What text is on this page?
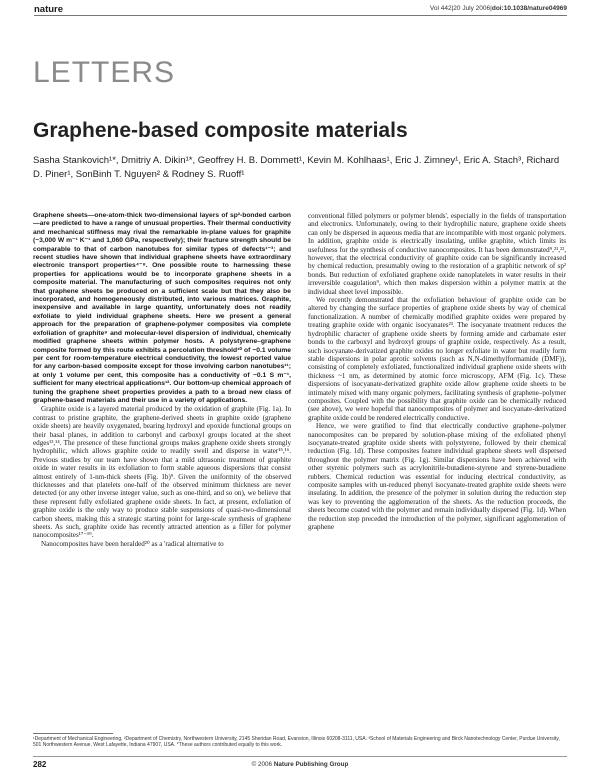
nature	Vol 442|20 July 2006|doi:10.1038/nature04969
LETTERS
Graphene-based composite materials
Sasha Stankovich¹*, Dmitriy A. Dikin¹*, Geoffrey H. B. Dommett¹, Kevin M. Kohlhaas¹, Eric J. Zimney¹, Eric A. Stach³, Richard D. Piner¹, SonBinh T. Nguyen² & Rodney S. Ruoff¹

Graphene sheets—one-atom-thick two-dimensional layers of sp²-bonded carbon—are predicted to have a range of unusual properties. Their thermal conductivity and mechanical stiffness may rival the remarkable in-plane values for graphite (~3,000 W m⁻¹ K⁻¹ and 1,060 GPa, respectively); their fracture strength should be comparable to that of carbon nanotubes for similar types of defects¹⁻³; and recent studies have shown that individual graphene sheets have extraordinary electronic transport properties⁴⁻⁸. One possible route to harnessing these properties for applications would be to incorporate graphene sheets in a composite material. The manufacturing of such composites requires not only that graphene sheets be produced on a sufficient scale but that they also be incorporated, and homogeneously distributed, into various matrices. Graphite, inexpensive and available in large quantity, unfortunately does not readily exfoliate to yield individual graphene sheets. Here we present a general approach for the preparation of graphene-polymer composites via complete exfoliation of graphite⁹ and molecular-level dispersion of individual, chemically modified graphene sheets within polymer hosts. A polystyrene–graphene composite formed by this route exhibits a percolation threshold¹⁰ of ~0.1 volume per cent for room-temperature electrical conductivity, the lowest reported value for any carbon-based composite except for those involving carbon nanotubes¹¹; at only 1 volume per cent, this composite has a conductivity of ~0.1 S m⁻¹, sufficient for many electrical applications¹². Our bottom-up chemical approach of tuning the graphene sheet properties provides a path to a broad new class of graphene-based materials and their use in a variety of applications.

Graphite oxide is a layered material produced by the oxidation of graphite (Fig. 1a). In contrast to pristine graphite, the graphene-derived sheets in graphite oxide (graphene oxide sheets) are heavily oxygenated, bearing hydroxyl and epoxide functional groups on their basal planes, in addition to carbonyl and carboxyl groups located at the sheet edges¹³,¹⁴. The presence of these functional groups makes graphene oxide sheets strongly hydrophilic, which allows graphite oxide to readily swell and disperse in water¹⁵,¹⁶. Previous studies by our team have shown that a mild ultrasonic treatment of graphite oxide in water results in its exfoliation to form stable aqueous dispersions that consist almost entirely of 1-nm-thick sheets (Fig. 1b)⁹. Given the uniformity of the observed thicknesses and that platelets one-half of the observed minimum thickness are never detected (or any other inverse integer value, such as one-third, and so on), we believe that these represent fully exfoliated graphene oxide sheets. In fact, at present, exfoliation of graphite oxide is the only way to produce stable suspensions of quasi-two-dimensional carbon sheets, making this a strategic starting point for large-scale synthesis of graphene sheets. As such, graphite oxide has recently attracted attention as a filler for polymer nanocomposites¹⁷⁻¹⁹.

Nanocomposites have been heralded²⁰ as a 'radical alternative to

conventional filled polymers or polymer blends', especially in the fields of transportation and electronics. Unfortunately, owing to their hydrophilic nature, graphene oxide sheets can only be dispersed in aqueous media that are incompatible with most organic polymers. In addition, graphite oxide is electrically insulating, unlike graphite, which limits its usefulness for the synthesis of conductive nanocomposites. It has been demonstrated⁹,²¹,²², however, that the electrical conductivity of graphite oxide can be significantly increased by chemical reduction, presumably owing to the restoration of a graphitic network of sp² bonds. But reduction of exfoliated graphene oxide nanoplatelets in water results in their irreversible coagulation⁹, which then makes dispersion within a polymer matrix at the individual sheet level impossible.

We recently demonstrated that the exfoliation behaviour of graphite oxide can be altered by changing the surface properties of graphene oxide sheets by way of chemical functionalization. A number of chemically modified graphite oxides were prepared by treating graphite oxide with organic isocyanates²³. The isocyanate treatment reduces the hydrophilic character of graphene oxide sheets by forming amide and carbamate ester bonds to the carboxyl and hydroxyl groups of graphite oxide, respectively. As a result, such isocyanate-derivatized graphite oxides no longer exfoliate in water but readily form stable dispersions in polar aprotic solvents (such as N,N-dimethylformamide (DMF)), consisting of completely exfoliated, functionalized individual graphene oxide sheets with thickness ~1 nm, as determined by atomic force microscopy, AFM (Fig. 1c). These dispersions of isocyanate-derivatized graphite oxide allow graphene oxide sheets to be intimately mixed with many organic polymers, facilitating synthesis of graphene–polymer composites. Coupled with the possibility that graphite oxide can be chemically reduced (see above), we were hopeful that nanocomposites of polymer and isocyanate-derivatized graphite oxide could be rendered electrically conductive.

Hence, we were gratified to find that electrically conductive graphene–polymer nanocomposites can be prepared by solution-phase mixing of the exfoliated phenyl isocyanate-treated graphite oxide sheets with polystyrene, followed by their chemical reduction (Fig. 1d). These composites feature individual graphene sheets well dispersed throughout the polymer matrix (Fig. 1g). Similar dispersions have been achieved with other styrenic polymers such as acrylonitrile-butadiene-styrene and styrene-butadiene rubbers. Chemical reduction was essential for inducing electrical conductivity, as composite samples with un-reduced phenyl isocyanate-treated graphite oxide sheets were insulating. In addition, the presence of the polymer in solution during the reduction step was key to preventing the agglomeration of the sheets. As the reduction proceeds, the sheets become coated with the polymer and remain individually dispersed (Fig. 1d). When the reduction step preceded the introduction of the polymer, significant agglomeration of graphene

¹Department of Mechanical Engineering, ²Department of Chemistry, Northwestern University, 2145 Sheridan Road, Evanston, Illinois 60208-3111, USA. ³School of Materials Engineering and Birck Nanotechnology Center, Purdue University, 501 Northwestern Avenue, West Lafayette, Indiana 47907, USA. *These authors contributed equally to this work.
282	© 2006 Nature Publishing Group
